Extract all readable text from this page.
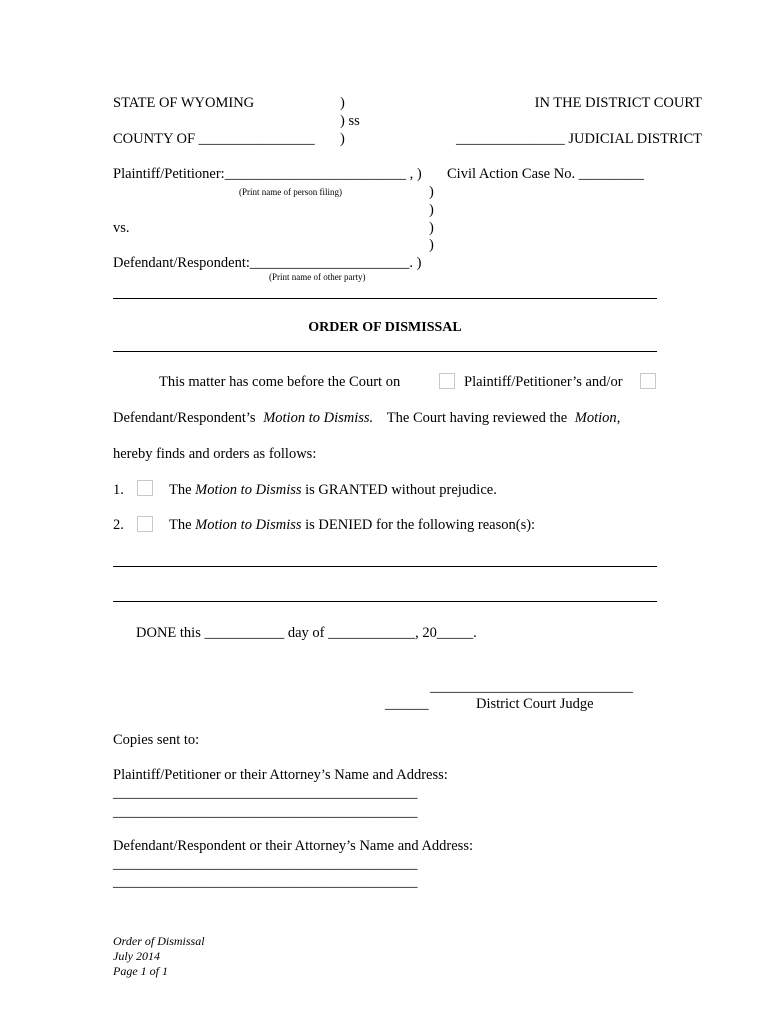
STATE OF WYOMING	)
) ss
COUNTY OF ________________ )
IN THE DISTRICT COURT
_______________ JUDICIAL DISTRICT
Plaintiff/Petitioner:_________________________ , )
(Print name of person filing)
Civil Action Case No. _________
)
)
vs.	)
)
Defendant/Respondent:______________________. )
(Print name of other party)
ORDER OF DISMISSAL
This matter has come before the Court on	Plaintiff/Petitioner’s and/or
Defendant/Respondent’s Motion to Dismiss. The Court having reviewed the Motion,
hereby finds and orders as follows:
1.	The Motion to Dismiss is GRANTED without prejudice.
2.	The Motion to Dismiss is DENIED for the following reason(s):
DONE this ___________ day of ____________, 20_____.
____________________________
______	District Court Judge
Copies sent to:
Plaintiff/Petitioner or their Attorney’s Name and Address:
__________________________________________
__________________________________________
Defendant/Respondent or their Attorney’s Name and Address:
__________________________________________
__________________________________________
Order of Dismissal
July 2014
Page 1 of 1
